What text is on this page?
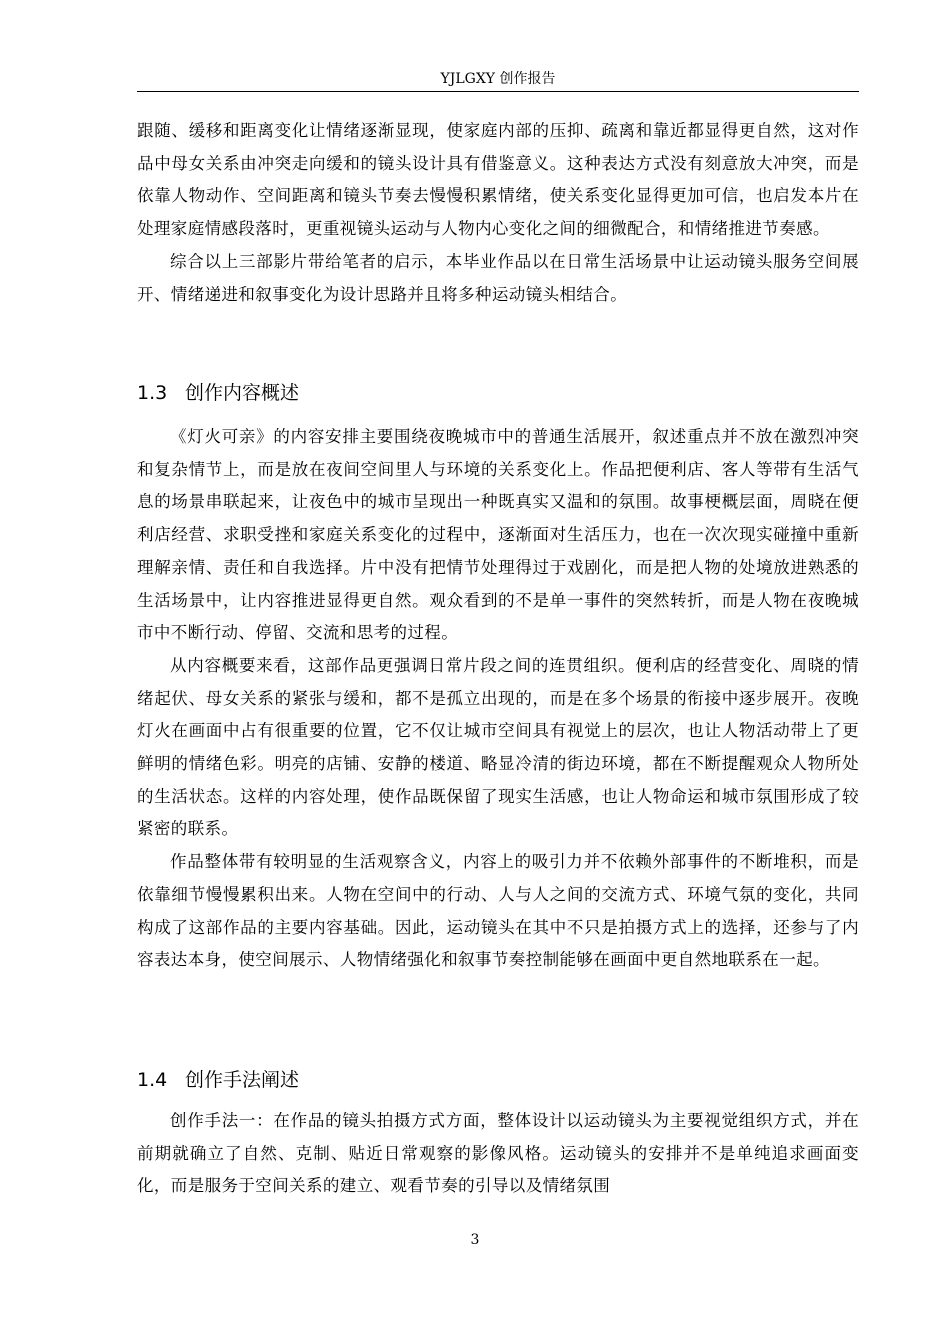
YJLGXY 创作报告

跟随、缓移和距离变化让情绪逐渐显现，使家庭内部的压抑、疏离和靠近都显得更自然，这对作品中母女关系由冲突走向缓和的镜头设计具有借鉴意义。这种表达方式没有刻意放大冲突，而是依靠人物动作、空间距离和镜头节奏去慢慢积累情绪，使关系变化显得更加可信，也启发本片在处理家庭情感段落时，更重视镜头运动与人物内心变化之间的细微配合，和情绪推进节奏感。

综合以上三部影片带给笔者的启示，本毕业作品以在日常生活场景中让运动镜头服务空间展开、情绪递进和叙事变化为设计思路并且将多种运动镜头相结合。

1.3 创作内容概述

《灯火可亲》的内容安排主要围绕夜晚城市中的普通生活展开，叙述重点并不放在激烈冲突和复杂情节上，而是放在夜间空间里人与环境的关系变化上。作品把便利店、客人等带有生活气息的场景串联起来，让夜色中的城市呈现出一种既真实又温和的氛围。故事梗概层面，周晓在便利店经营、求职受挫和家庭关系变化的过程中，逐渐面对生活压力，也在一次次现实碰撞中重新理解亲情、责任和自我选择。片中没有把情节处理得过于戏剧化，而是把人物的处境放进熟悉的生活场景中，让内容推进显得更自然。观众看到的不是单一事件的突然转折，而是人物在夜晚城市中不断行动、停留、交流和思考的过程。

从内容概要来看，这部作品更强调日常片段之间的连贯组织。便利店的经营变化、周晓的情绪起伏、母女关系的紧张与缓和，都不是孤立出现的，而是在多个场景的衔接中逐步展开。夜晚灯火在画面中占有很重要的位置，它不仅让城市空间具有视觉上的层次，也让人物活动带上了更鲜明的情绪色彩。明亮的店铺、安静的楼道、略显冷清的街边环境，都在不断提醒观众人物所处的生活状态。这样的内容处理，使作品既保留了现实生活感，也让人物命运和城市氛围形成了较紧密的联系。

作品整体带有较明显的生活观察含义，内容上的吸引力并不依赖外部事件的不断堆积，而是依靠细节慢慢累积出来。人物在空间中的行动、人与人之间的交流方式、环境气氛的变化，共同构成了这部作品的主要内容基础。因此，运动镜头在其中不只是拍摄方式上的选择，还参与了内容表达本身，使空间展示、人物情绪强化和叙事节奏控制能够在画面中更自然地联系在一起。

1.4 创作手法阐述

创作手法一：在作品的镜头拍摄方式方面，整体设计以运动镜头为主要视觉组织方式，并在前期就确立了自然、克制、贴近日常观察的影像风格。运动镜头的安排并不是单纯追求画面变化，而是服务于空间关系的建立、观看节奏的引导以及情绪氛围

3
